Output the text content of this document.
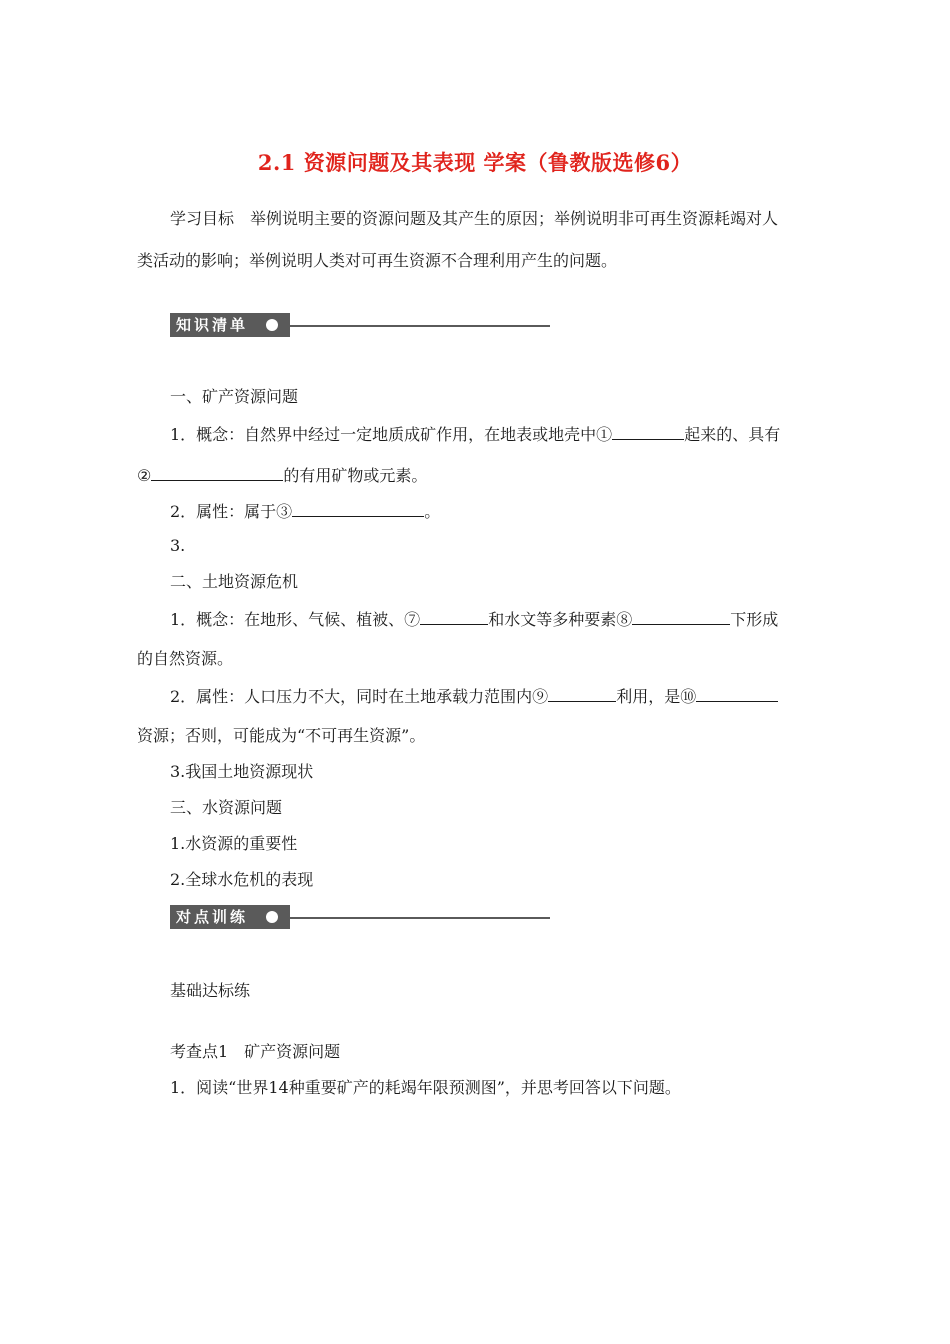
2.1 资源问题及其表现 学案（鲁教版选修6）
学习目标　举例说明主要的资源问题及其产生的原因；举例说明非可再生资源耗竭对人
类活动的影响；举例说明人类对可再生资源不合理利用产生的问题。
知识清单
一、矿产资源问题
1．概念：自然界中经过一定地质成矿作用，在地表或地壳中①	起来的、具有
②	的有用矿物或元素。
2．属性：属于③	。
3.
二、土地资源危机
1．概念：在地形、气候、植被、⑦	和水文等多种要素⑧	下形成
的自然资源。
2．属性：人口压力不大，同时在土地承载力范围内⑨	利用，是⑩
资源；否则，可能成为“不可再生资源”。
3.我国土地资源现状
三、水资源问题
1.水资源的重要性
2.全球水危机的表现
对点训练
基础达标练
考查点1　矿产资源问题
1．阅读“世界14种重要矿产的耗竭年限预测图”，并思考回答以下问题。
